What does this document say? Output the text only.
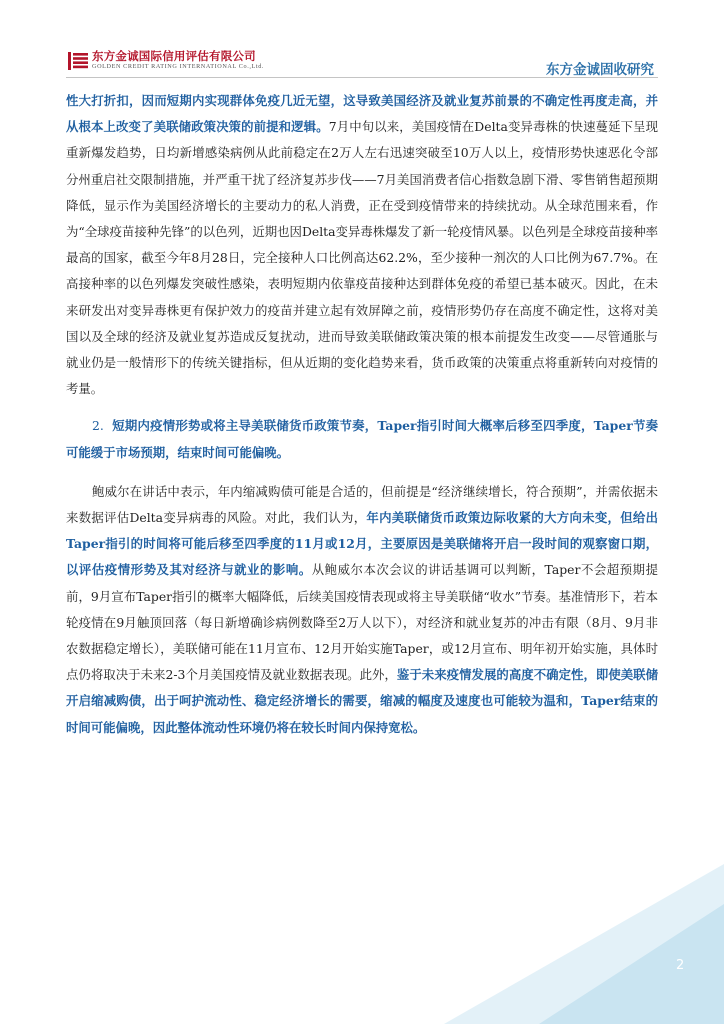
东方金诚国际信用评估有限公司
GOLDEN CREDIT RATING INTERNATIONAL Co.,Ltd.	东方金诚固收研究

性大打折扣，因而短期内实现群体免疫几近无望，这导致美国经济及就业复苏前景的不确定性再度走高，并从根本上改变了美联储政策决策的前提和逻辑。7月中旬以来，美国疫情在Delta变异毒株的快速蔓延下呈现重新爆发趋势，日均新增感染病例从此前稳定在2万人左右迅速突破至10万人以上，疫情形势快速恶化令部分州重启社交限制措施，并严重干扰了经济复苏步伐——7月美国消费者信心指数急剧下滑、零售销售超预期降低，显示作为美国经济增长的主要动力的私人消费，正在受到疫情带来的持续扰动。从全球范围来看，作为“全球疫苗接种先锋”的以色列，近期也因Delta变异毒株爆发了新一轮疫情风暴。以色列是全球疫苗接种率最高的国家，截至今年8月28日，完全接种人口比例高达62.2%，至少接种一剂次的人口比例为67.7%。在高接种率的以色列爆发突破性感染，表明短期内依靠疫苗接种达到群体免疫的希望已基本破灭。因此，在未来研发出对变异毒株更有保护效力的疫苗并建立起有效屏障之前，疫情形势仍存在高度不确定性，这将对美国以及全球的经济及就业复苏造成反复扰动，进而导致美联储政策决策的根本前提发生改变——尽管通胀与就业仍是一般情形下的传统关键指标，但从近期的变化趋势来看，货币政策的决策重点将重新转向对疫情的考量。

2. 短期内疫情形势或将主导美联储货币政策节奏，Taper指引时间大概率后移至四季度，Taper节奏可能缓于市场预期，结束时间可能偏晚。

鲍威尔在讲话中表示，年内缩减购债可能是合适的，但前提是“经济继续增长，符合预期”，并需依据未来数据评估Delta变异病毒的风险。对此，我们认为，年内美联储货币政策边际收紧的大方向未变，但给出Taper指引的时间将可能后移至四季度的11月或12月，主要原因是美联储将开启一段时间的观察窗口期，以评估疫情形势及其对经济与就业的影响。从鲍威尔本次会议的讲话基调可以判断，Taper不会超预期提前，9月宣布Taper指引的概率大幅降低，后续美国疫情表现或将主导美联储“收水”节奏。基准情形下，若本轮疫情在9月触顶回落（每日新增确诊病例数降至2万人以下），对经济和就业复苏的冲击有限（8月、9月非农数据稳定增长），美联储可能在11月宣布、12月开始实施Taper，或12月宣布、明年初开始实施，具体时点仍将取决于未来2-3个月美国疫情及就业数据表现。此外，鉴于未来疫情发展的高度不确定性，即使美联储开启缩减购债，出于呵护流动性、稳定经济增长的需要，缩减的幅度及速度也可能较为温和，Taper结束的时间可能偏晚，因此整体流动性环境仍将在较长时间内保持宽松。

2
